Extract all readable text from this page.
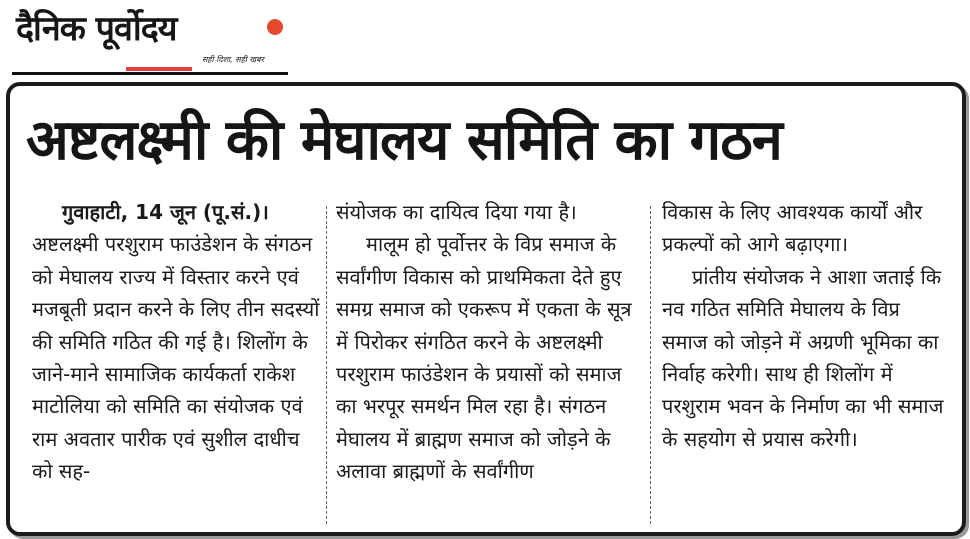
दैनिक पूर्वोदय
सही दिशा, सही खबर
अष्टलक्ष्मी की मेघालय समिति का गठन

गुवाहाटी, 14 जून (पू.सं.)। अष्टलक्ष्मी परशुराम फाउंडेशन के संगठन को मेघालय राज्य में विस्तार करने एवं मजबूती प्रदान करने के लिए तीन सदस्यों की समिति गठित की गई है। शिलोंग के जाने-माने सामाजिक कार्यकर्ता राकेश माटोलिया को समिति का संयोजक एवं राम अवतार पारीक एवं सुशील दाधीच को सह-

संयोजक का दायित्व दिया गया है।

मालूम हो पूर्वोत्तर के विप्र समाज के सर्वांगीण विकास को प्राथमिकता देते हुए समग्र समाज को एकरूप में एकता के सूत्र में पिरोकर संगठित करने के अष्टलक्ष्मी परशुराम फाउंडेशन के प्रयासों को समाज का भरपूर समर्थन मिल रहा है। संगठन मेघालय में ब्राह्मण समाज को जोड़ने के अलावा ब्राह्मणों के सर्वांगीण

विकास के लिए आवश्यक कार्यों और प्रकल्पों को आगे बढ़ाएगा।

प्रांतीय संयोजक ने आशा जताई कि नव गठित समिति मेघालय के विप्र समाज को जोड़ने में अग्रणी भूमिका का निर्वाह करेगी। साथ ही शिलोंग में परशुराम भवन के निर्माण का भी समाज के सहयोग से प्रयास करेगी।
